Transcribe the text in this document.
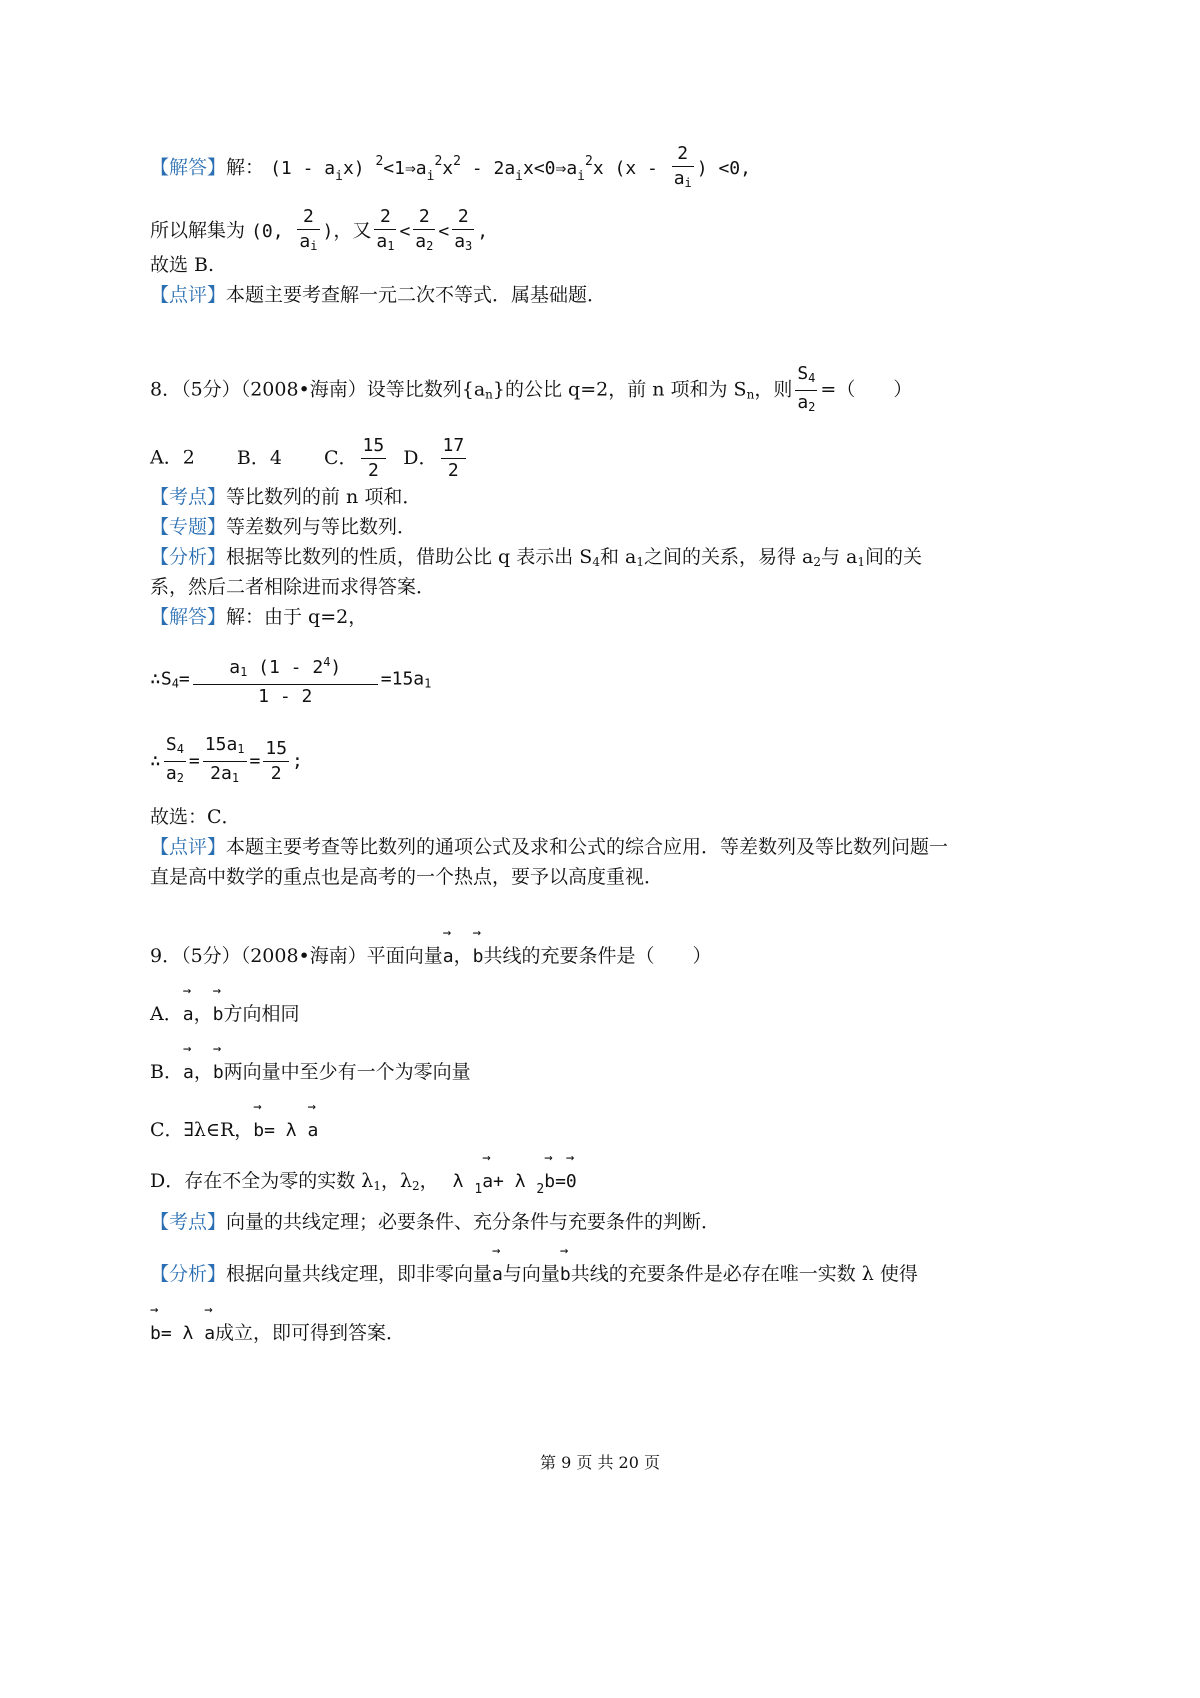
【解答】解： $(1 - a_ix)$ $^2<1\Rightarrow a_i^2x^2$ - $2a_ix<0\Rightarrow a_i^2x$ ($x - \frac{2}{a_i}$ ) <0,
所以解集为 (0, $\frac{2}{a_i}$ )，又 $\frac{2}{a_1} < \frac{2}{a_2} < \frac{2}{a_3}$ ,
故选 B.
【点评】本题主要考查解一元二次不等式．属基础题．
8．（5分）（2008•海南）设等比数列$\{a_n\}$的公比 q=2，前 n 项和为 $S_n$，则 $\frac{S_4}{a_2}$ =（　　）
A．2 B．4 C． $\frac{15}{2}$ D． $\frac{17}{2}$
【考点】等比数列的前 n 项和．
【专题】等差数列与等比数列．
【分析】根据等比数列的性质，借助公比 q 表示出 $S_4$和 $a_1$之间的关系，易得 $a_2$与 $a_1$间的关
系，然后二者相除进而求得答案．
【解答】解：由于 q=2，
$\therefore S_4= \frac{a_1 (1 - 2^4)}{1 - 2} =15a_1$
∴ $\frac{S_4}{a_2} = \frac{15a_1}{2a_1} = \frac{15}{2}$ ;
故选：C．
【点评】本题主要考查等比数列的通项公式及求和公式的综合应用．等差数列及等比数列问题一
直是高中数学的重点也是高考的一个热点，要予以高度重视．
9．（5分）（2008•海南）平面向量→ a，→ b共线的充要条件是（　　）
A．→ a，→ b方向相同
B．→ a，→ b两向量中至少有一个为零向量
C．∃λ∈R，→ b= λ → a
D．存在不全为零的实数 $\lambda_1$，$\lambda_2$， λ $_1$→ a+ λ $_2$→ b=→ 0
【考点】向量的共线定理；必要条件、充分条件与充要条件的判断．
【分析】根据向量共线定理，即非零向量→ a与向量→ b共线的充要条件是必存在唯一实数 λ 使得
→ b= λ → a成立，即可得到答案．
第 9 页 共 20 页
